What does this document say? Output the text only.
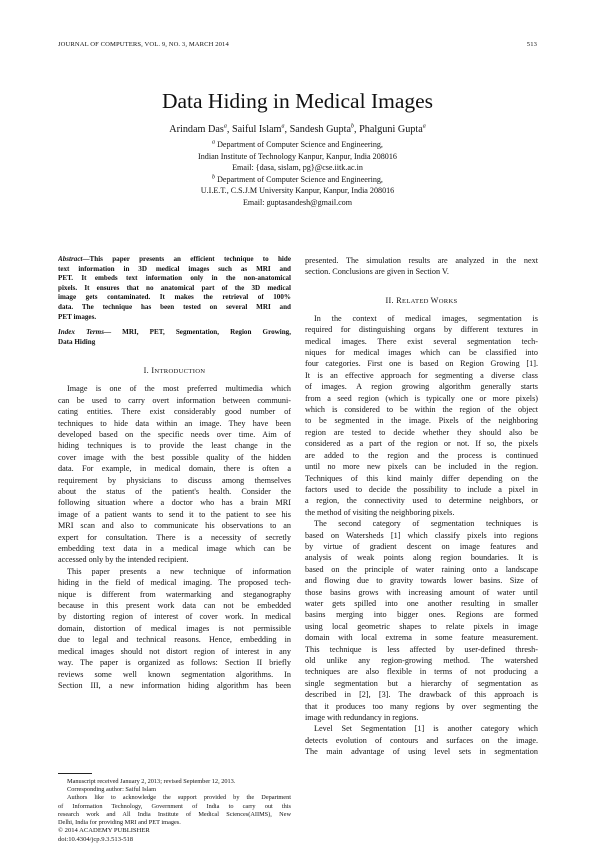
JOURNAL OF COMPUTERS, VOL. 9, NO. 3, MARCH 2014	513
Data Hiding in Medical Images
Arindam Das$^a$, Saiful Islam$^a$, Sandesh Gupta$^b$, Phalguni Gupta$^a$
$^a$ Department of Computer Science and Engineering,
Indian Institute of Technology Kanpur, Kanpur, India 208016
Email: {dasa, sislam, pg}@cse.iitk.ac.in
$^b$ Department of Computer Science and Engineering,
U.I.E.T., C.S.J.M University Kanpur, Kanpur, India 208016
Email: guptasandesh@gmail.com
Abstract—This paper presents an efficient technique to hide
text information in 3D medical images such as MRI and
PET. It embeds text information only in the non-anatomical
pixels. It ensures that no anatomical part of the 3D medical
image gets contaminated. It makes the retrieval of 100%
data. The technique has been tested on several MRI and
PET images.
Index Terms— MRI, PET, Segmentation, Region Growing,
Data Hiding
I. INTRODUCTION
Image is one of the most preferred multimedia which
can be used to carry overt information between communi-
cating entities. There exist considerably good number of
techniques to hide data within an image. They have been
developed based on the specific needs over time. Aim of
hiding techniques is to provide the least change in the
cover image with the best possible quality of the hidden
data. For example, in medical domain, there is often a
requirement by physicians to discuss among themselves
about the status of the patient's health. Consider the
following situation where a doctor who has a brain MRI
image of a patient wants to send it to the patient to see his
MRI scan and also to communicate his observations to an
expert for consultation. There is a necessity of secretly
embedding text data in a medical image which can be
accessed only by the intended recipient.
This paper presents a new technique of information
hiding in the field of medical imaging. The proposed tech-
nique is different from watermarking and steganography
because in this present work data can not be embedded
by distorting region of interest of cover work. In medical
domain, distortion of medical images is not permissible
due to legal and technical reasons. Hence, embedding in
medical images should not distort region of interest in any
way. The paper is organized as follows: Section II briefly
reviews some well known segmentation algorithms. In
Section III, a new information hiding algorithm has been
presented. The simulation results are analyzed in the next
section. Conclusions are given in Section V.
II. RELATED WORKS
In the context of medical images, segmentation is
required for distinguishing organs by different textures in
medical images. There exist several segmentation tech-
niques for medical images which can be classified into
four categories. First one is based on Region Growing [1].
It is an effective approach for segmenting a diverse class
of images. A region growing algorithm generally starts
from a seed region (which is typically one or more pixels)
which is considered to be within the region of the object
to be segmented in the image. Pixels of the neighboring
region are tested to decide whether they should also be
considered as a part of the region or not. If so, the pixels
are added to the region and the process is continued
until no more new pixels can be included in the region.
Techniques of this kind mainly differ depending on the
factors used to decide the possibility to include a pixel in
a region, the connectivity used to determine neighbors, or
the method of visiting the neighboring pixels.
The second category of segmentation techniques is
based on Watersheds [1] which classify pixels into regions
by virtue of gradient descent on image features and
analysis of weak points along region boundaries. It is
based on the principle of water raining onto a landscape
and flowing due to gravity towards lower basins. Size of
those basins grows with increasing amount of water until
water gets spilled into one another resulting in smaller
basins merging into bigger ones. Regions are formed
using local geometric shapes to relate pixels in image
domain with local extrema in some feature measurement.
This technique is less affected by user-defined thresh-
old unlike any region-growing method. The watershed
techniques are also flexible in terms of not producing a
single segmentation but a hierarchy of segmentation as
described in [2], [3]. The drawback of this approach is
that it produces too many regions by over segmenting the
image with redundancy in regions.
Level Set Segmentation [1] is another category which
detects evolution of contours and surfaces on the image.
The main advantage of using level sets in segmentation
Manuscript received January 2, 2013; revised September 12, 2013.
Corresponding author: Saiful Islam
Authors like to acknowledge the support provided by the Department
of Information Technology, Government of India to carry out this
research work and All India Institute of Medical Sciences(AIIMS), New
Delhi, India for providing MRI and PET images.
© 2014 ACADEMY PUBLISHER
doi:10.4304/jcp.9.3.513-518
